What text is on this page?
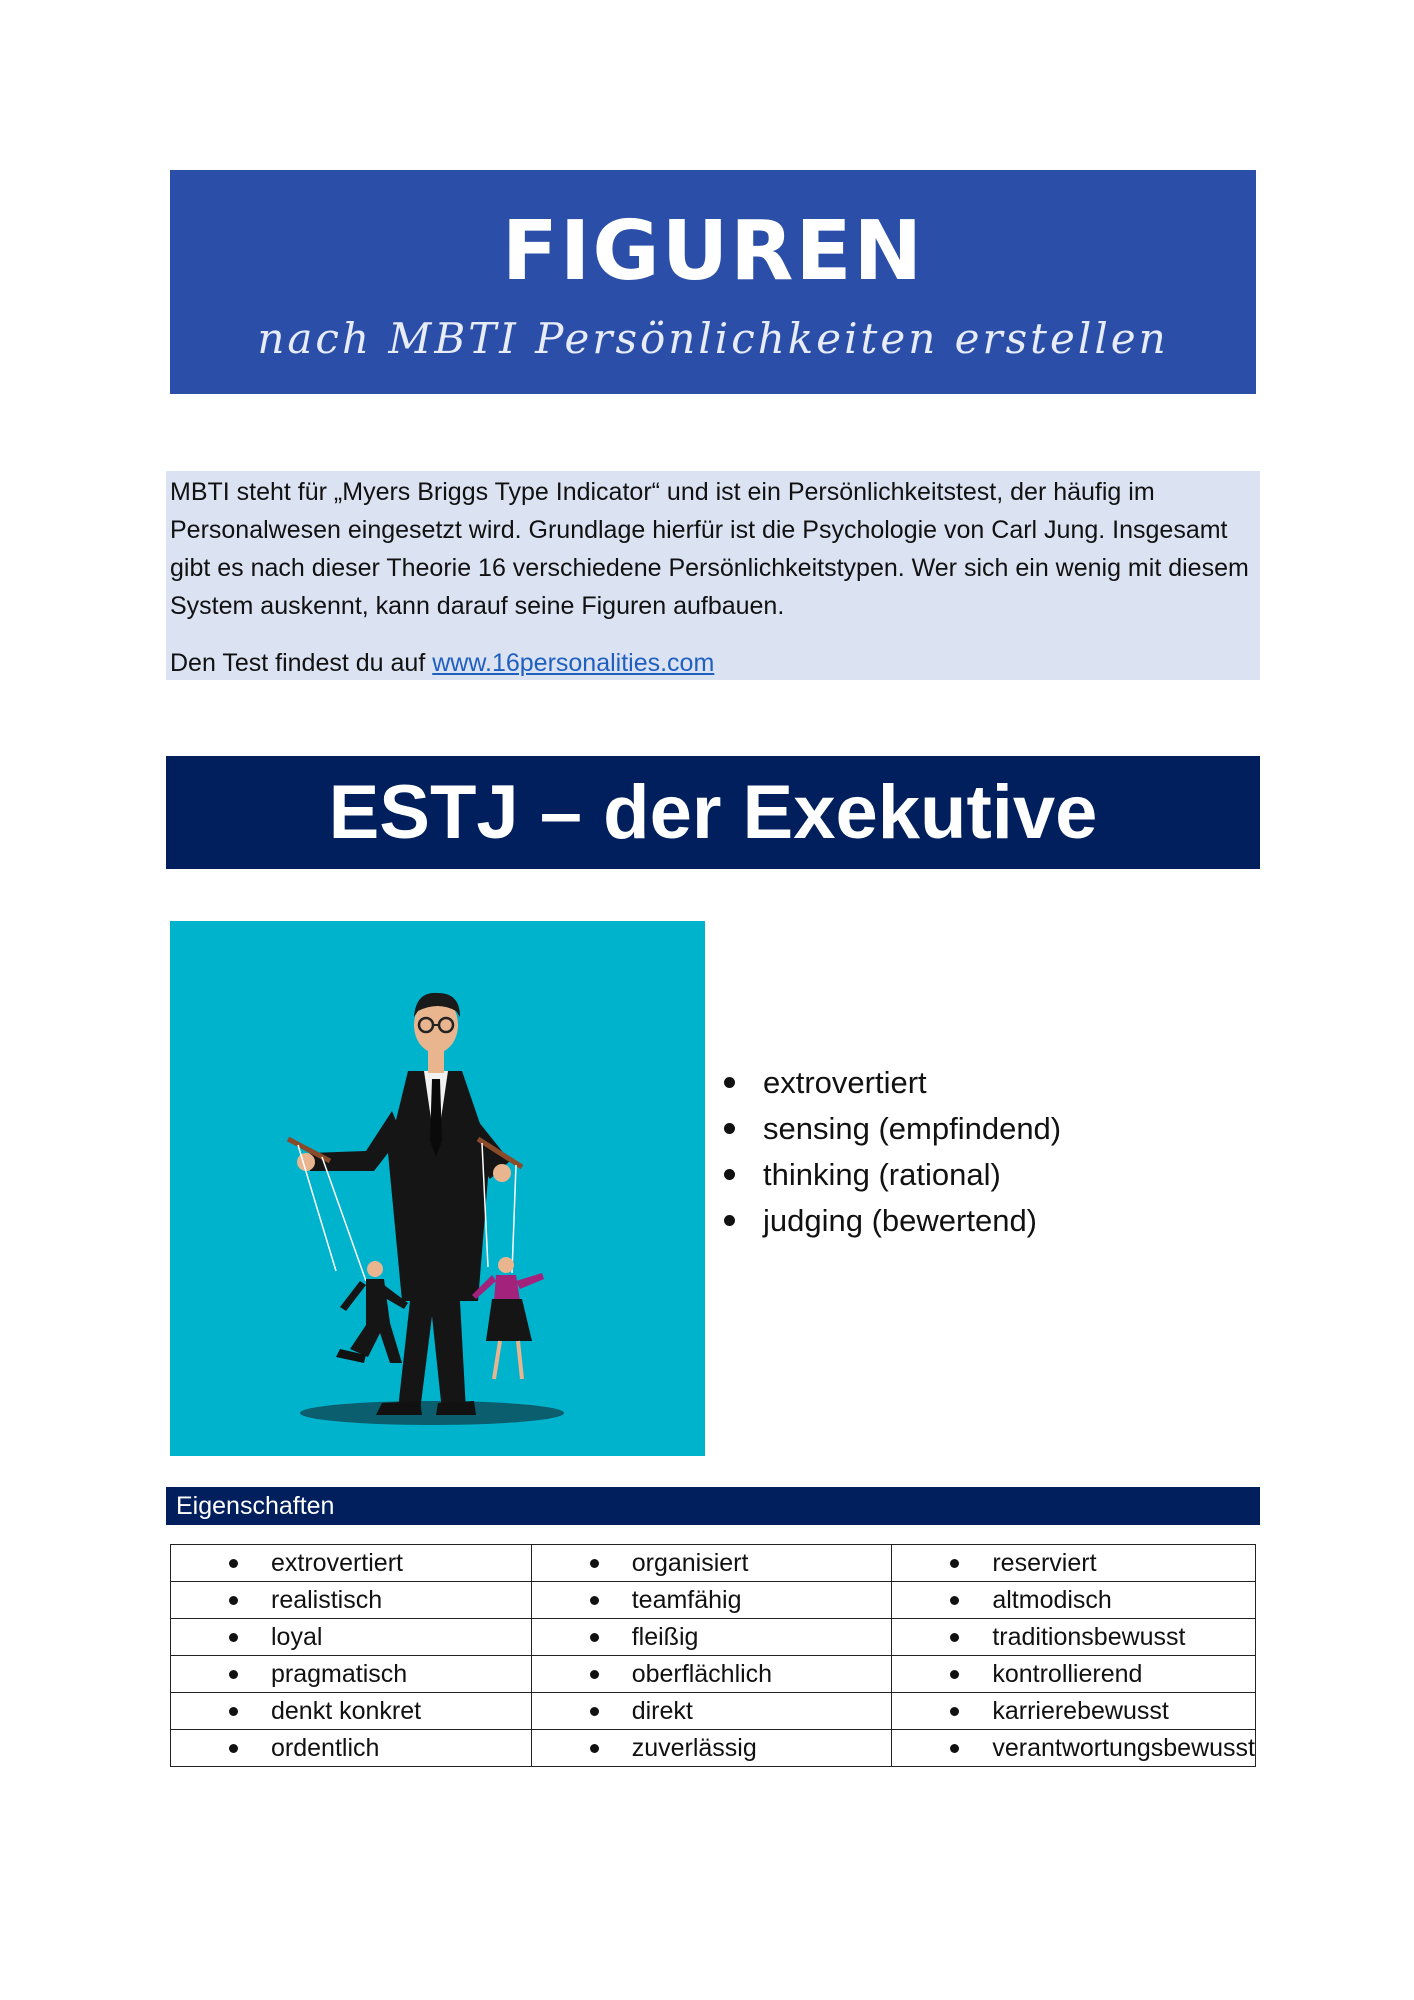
FIGUREN
nach MBTI Persönlichkeiten erstellen

MBTI steht für „Myers Briggs Type Indicator“ und ist ein Persönlichkeitstest, der häufig im Personalwesen eingesetzt wird. Grundlage hierfür ist die Psychologie von Carl Jung. Insgesamt gibt es nach dieser Theorie 16 verschiedene Persönlichkeitstypen. Wer sich ein wenig mit diesem System auskennt, kann darauf seine Figuren aufbauen.

Den Test findest du auf www.16personalities.com

ESTJ – der Exekutive
extrovertiert
sensing (empfindend)
thinking (rational)
judging (bewertend)
Eigenschaften
extrovertiert	organisiert	reserviert

realistisch	teamfähig	altmodisch

loyal	fleißig	traditionsbewusst

pragmatisch	oberflächlich	kontrollierend

denkt konkret	direkt	karrierebewusst

ordentlich	zuverlässig	verantwortungsbewusst
